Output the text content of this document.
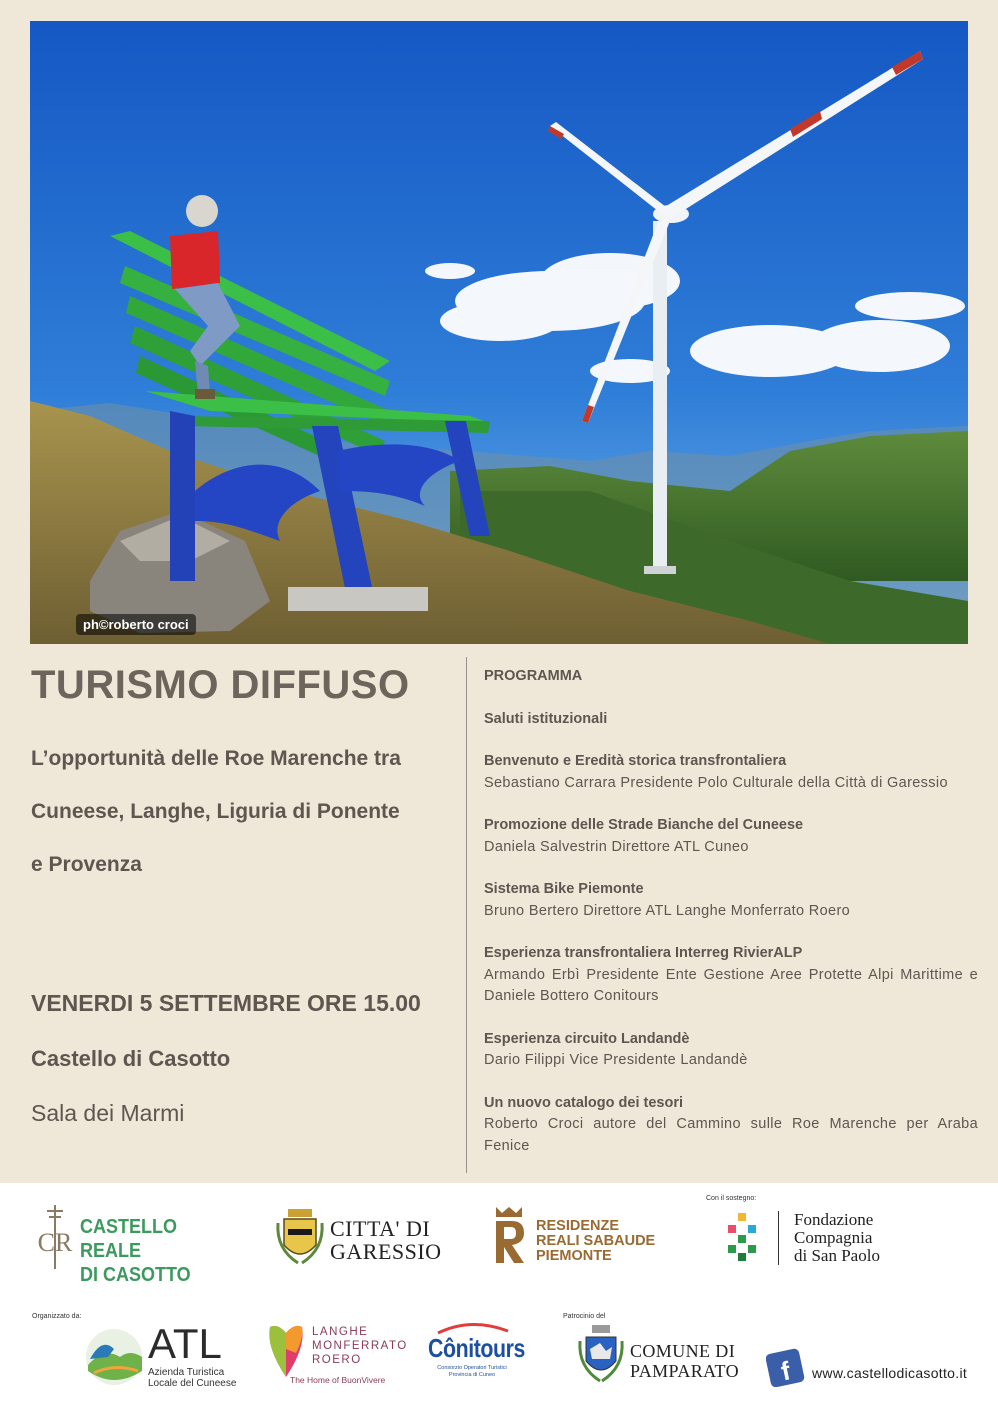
ph©roberto croci
TURISMO DIFFUSO
L’opportunità delle Roe Marenche tra
Cuneese, Langhe, Liguria di Ponente
e Provenza
VENERDI 5 SETTEMBRE ORE 15.00
Castello di Casotto
Sala dei Marmi
PROGRAMMA
Saluti istituzionali
Benvenuto e Eredità storica transfrontaliera
Sebastiano Carrara Presidente Polo Culturale della Città di Garessio
Promozione delle Strade Bianche del Cuneese
Daniela Salvestrin Direttore ATL Cuneo
Sistema Bike Piemonte
Bruno Bertero Direttore ATL Langhe Monferrato Roero
Esperienza transfrontaliera Interreg RivierALP
Armando Erbì Presidente Ente Gestione Aree Protette Alpi Marittime e Daniele Bottero Conitours
Esperienza circuito Landandè
Dario Filippi Vice Presidente Landandè
Un nuovo catalogo dei tesori
Roberto Croci autore del Cammino sulle Roe Marenche per Araba Fenice
CR
CASTELLO REALE
DI CASOTTO
CITTA' DI
GARESSIO
RESIDENZE
REALI SABAUDE
PIEMONTE
Con il sostegno:
Fondazione
Compagnia
di San Paolo
Organizzato da:
ATL
Azienda Turistica
Locale del Cuneese
LANGHE
MONFERRATO
ROERO
The Home of BuonVivere
Cônitours
Consorzio Operatori Turistici
Provincia di Cuneo
Patrocinio del
COMUNE DI
PAMPARATO f www.castellodicasotto.it
